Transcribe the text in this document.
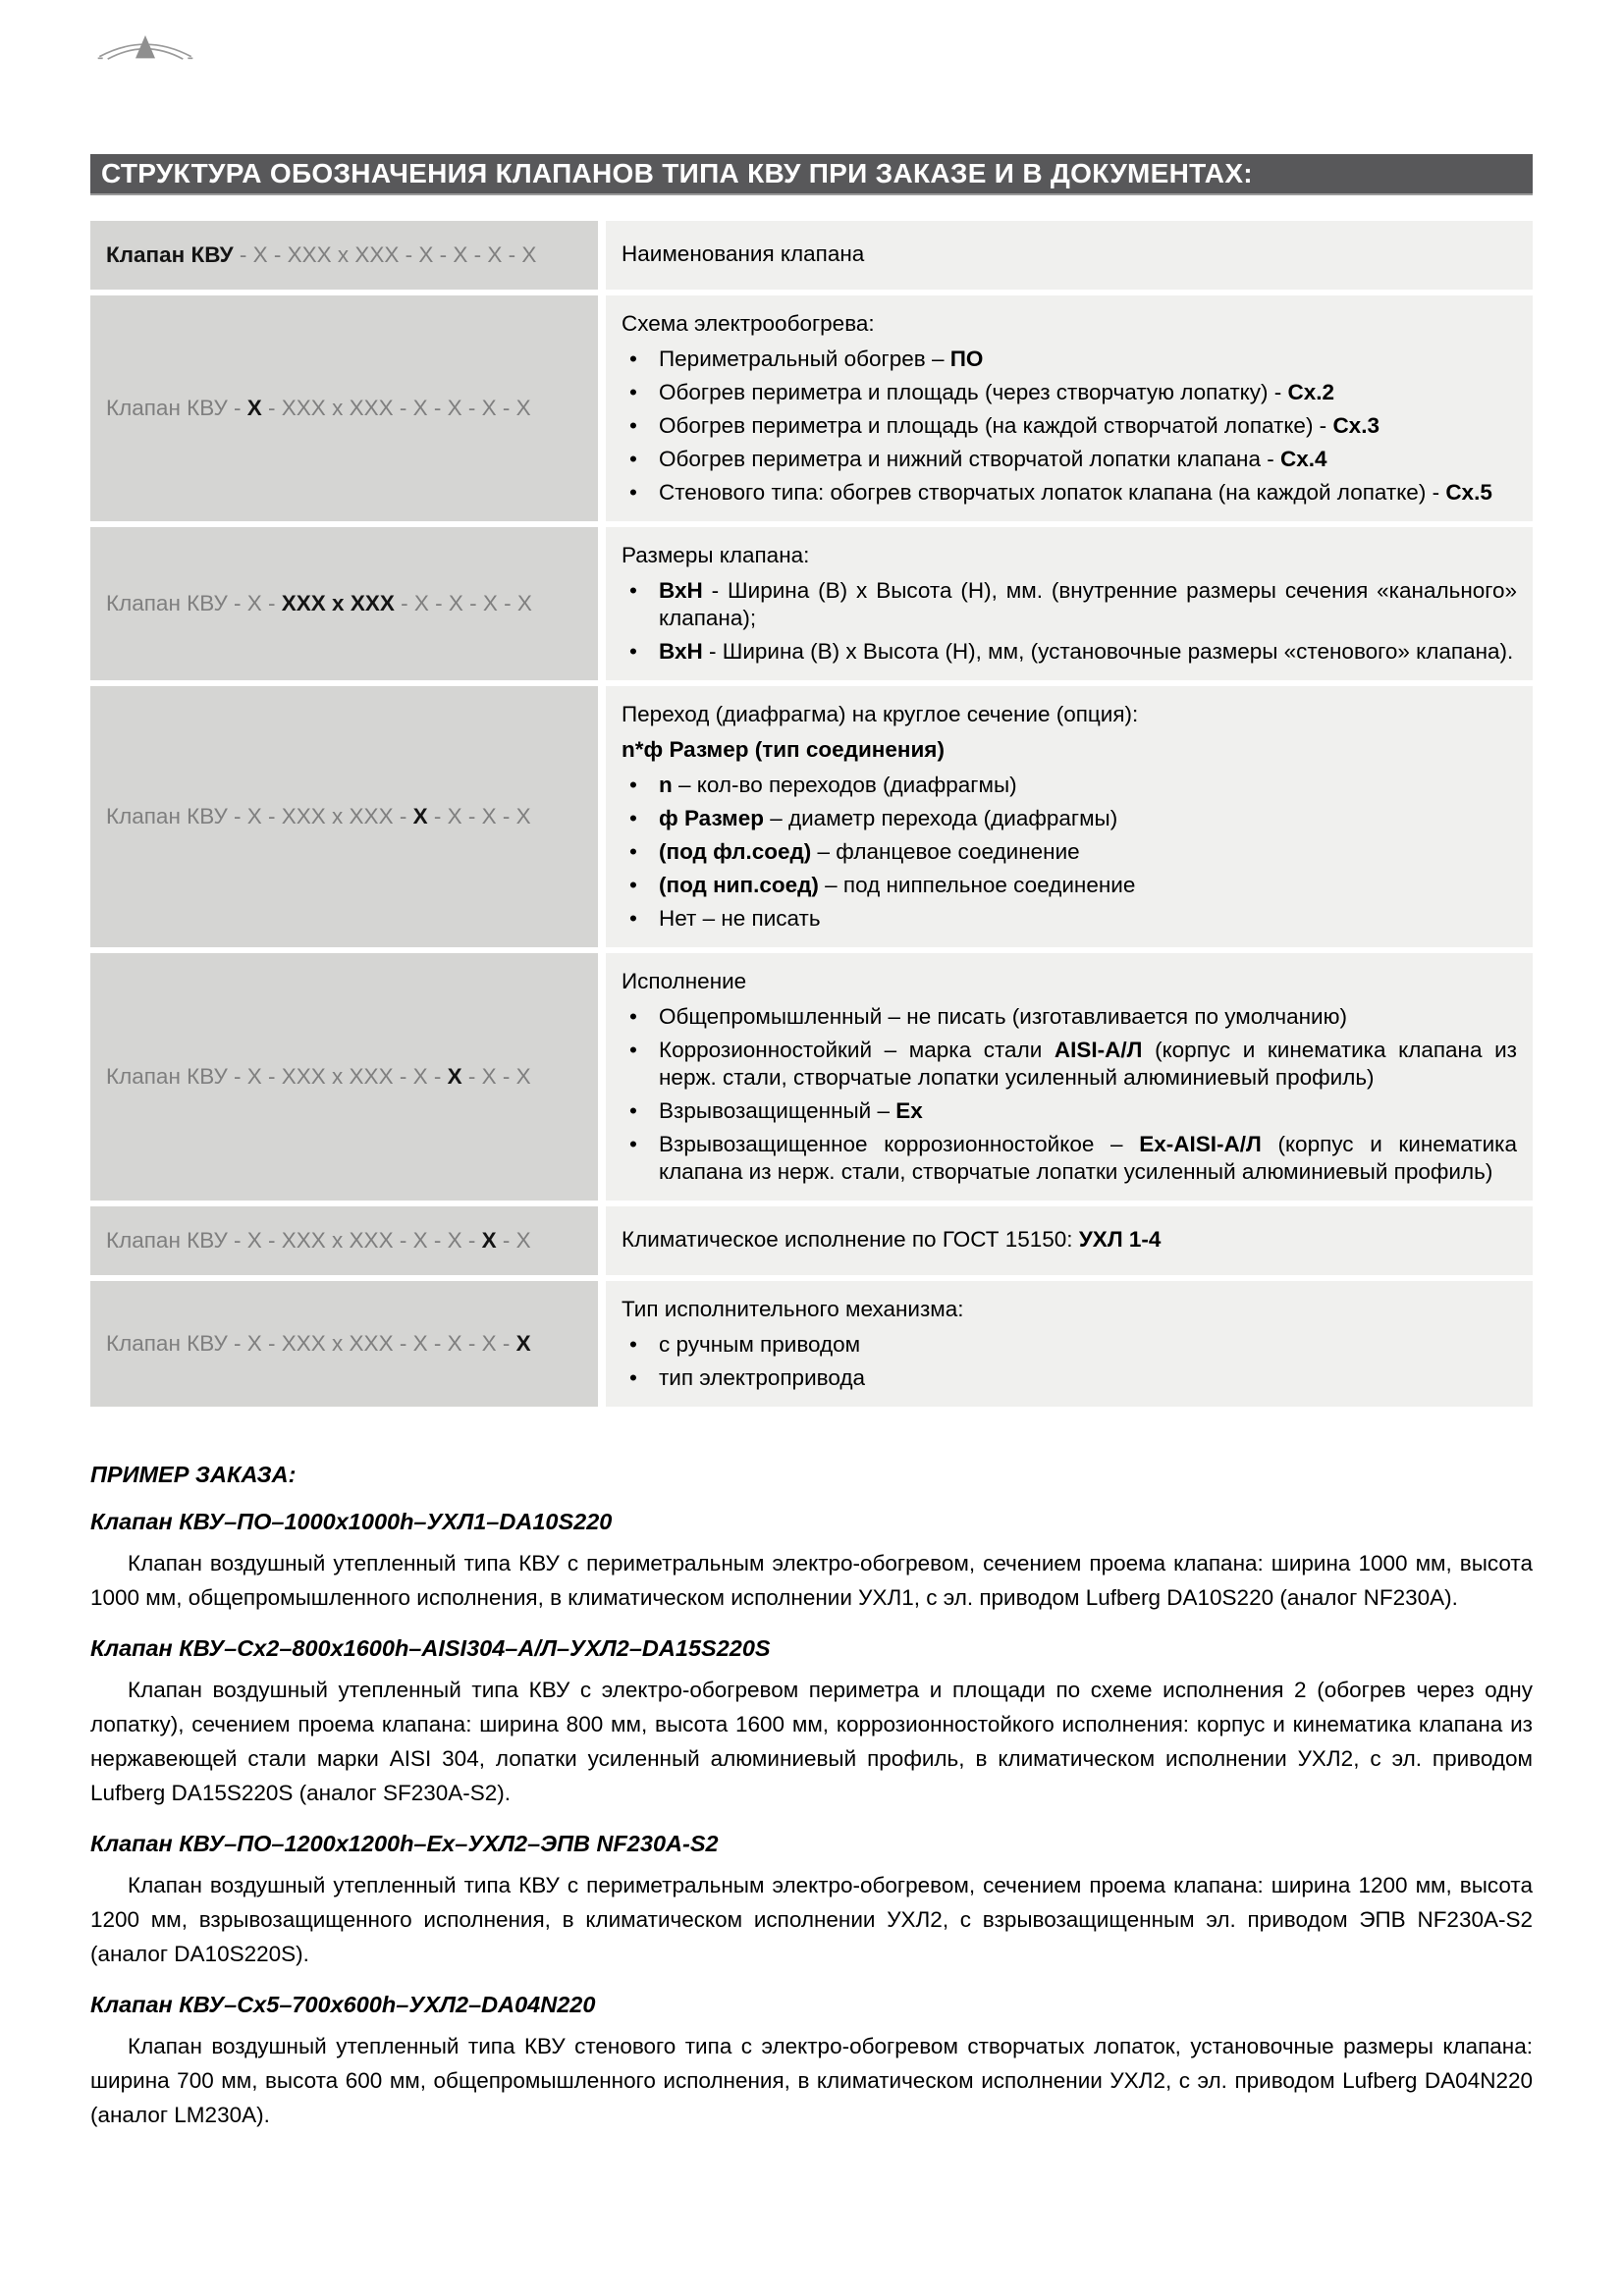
СТРУКТУРА ОБОЗНАЧЕНИЯ КЛАПАНОВ ТИПА КВУ ПРИ ЗАКАЗЕ И В ДОКУМЕНТАХ:
Клапан КВУ - X - XXX x XXX - X - X - X - X	Наименования клапана
Клапан КВУ - X - XXX x XXX - X - X - X - X
Схема электрообогрева:
• Периметральный обогрев – ПО
• Обогрев периметра и площадь (через створчатую лопатку) - Сх.2
• Обогрев периметра и площадь (на каждой створчатой лопатке) - Сх.3
• Обогрев периметра и нижний створчатой лопатки клапана - Сх.4
• Стенового типа: обогрев створчатых лопаток клапана (на каждой лопатке) - Сх.5
Клапан КВУ - X - XXX x XXX - X - X - X - X
Размеры клапана:
• ВхН - Ширина (В) х Высота (Н), мм. (внутренние размеры сечения «канального» клапана);
• ВхН - Ширина (В) х Высота (Н), мм, (установочные размеры «стенового» клапана).
Клапан КВУ - X - XXX x XXX - X - X - X - X
Переход (диафрагма) на круглое сечение (опция):
n*ф Размер (тип соединения)
• n – кол-во переходов (диафрагмы)
• ф Размер – диаметр перехода (диафрагмы)
• (под фл.соед) – фланцевое соединение
• (под нип.соед) – под ниппельное соединение
• Нет – не писать
Клапан КВУ - X - XXX x XXX - X - X - X - X
Исполнение
• Общепромышленный – не писать (изготавливается по умолчанию)
• Коррозионностойкий – марка стали AISI-А/Л (корпус и кинематика клапана из нерж. стали, створчатые лопатки усиленный алюминиевый профиль)
• Взрывозащищенный – Ex
• Взрывозащищенное коррозионностойкое – Ex-AISI-А/Л (корпус и кинематика клапана из нерж. стали, створчатые лопатки усиленный алюминиевый профиль)
Клапан КВУ - X - XXX x XXX - X - X - X - X	Климатическое исполнение по ГОСТ 15150: УХЛ 1-4
Клапан КВУ - X - XXX x XXX - X - X - X - X
Тип исполнительного механизма:
• с ручным приводом
• тип электропривода
ПРИМЕР ЗАКАЗА:
Клапан КВУ–ПО–1000х1000h–УХЛ1–DA10S220
Клапан воздушный утепленный типа КВУ с периметральным электро-обогревом, сечением проема клапана: ширина 1000 мм, высота 1000 мм, общепромышленного исполнения, в климатическом исполнении УХЛ1, с эл. приводом Lufberg DA10S220 (аналог NF230A).
Клапан КВУ–Сх2–800х1600h–AISI304–А/Л–УХЛ2–DA15S220S
Клапан воздушный утепленный типа КВУ с электро-обогревом периметра и площади по схеме исполнения 2 (обогрев через одну лопатку), сечением проема клапана: ширина 800 мм, высота 1600 мм, коррозионностойкого исполнения: корпус и кинематика клапана из нержавеющей стали марки AISI 304, лопатки усиленный алюминиевый профиль, в климатическом исполнении УХЛ2, с эл. приводом Lufberg DA15S220S (аналог SF230A-S2).
Клапан КВУ–ПО–1200х1200h–Ex–УХЛ2–ЭПВ NF230A-S2
Клапан воздушный утепленный типа КВУ с периметральным электро-обогревом, сечением проема клапана: ширина 1200 мм, высота 1200 мм, взрывозащищенного исполнения, в климатическом исполнении УХЛ2, с взрывозащищенным эл. приводом ЭПВ NF230A-S2 (аналог DA10S220S).
Клапан КВУ–Сх5–700х600h–УХЛ2–DA04N220
Клапан воздушный утепленный типа КВУ стенового типа с электро-обогревом створчатых лопаток, установочные размеры клапана: ширина 700 мм, высота 600 мм, общепромышленного исполнения, в климатическом исполнении УХЛ2, с эл. приводом Lufberg DA04N220 (аналог LM230A).
